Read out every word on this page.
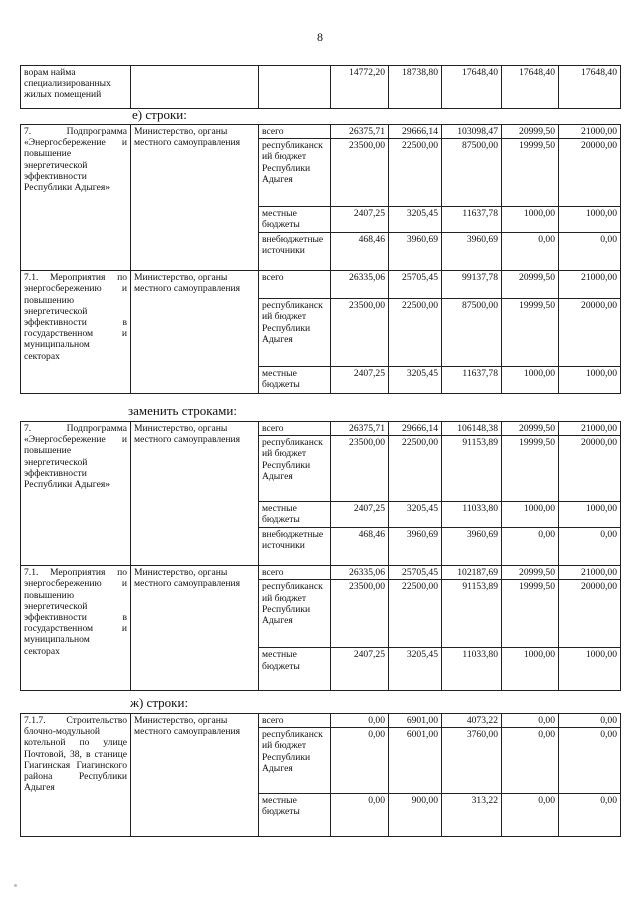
8
ворам найма специализированных жилых помещений			14772,20	18738,80	17648,40	17648,40	17648,40
е) строки:
7. Подпрограмма «Энергосбережение и повышение энергетической эффективности Республики Адыгея»	Министерство, органы местного самоуправления	всего	26375,71	29666,14	103098,47	20999,50	21000,00
		республиканский бюджет Республики Адыгея	23500,00	22500,00	87500,00	19999,50	20000,00
		местные бюджеты	2407,25	3205,45	11637,78	1000,00	1000,00
		внебюджетные источники	468,46	3960,69	3960,69	0,00	0,00
7.1. Мероприятия по энергосбережению и повышению энергетической эффективности в государственном и муниципальном секторах	Министерство, органы местного самоуправления	всего	26335,06	25705,45	99137,78	20999,50	21000,00
		республиканский бюджет Республики Адыгея	23500,00	22500,00	87500,00	19999,50	20000,00
		местные бюджеты	2407,25	3205,45	11637,78	1000,00	1000,00
заменить строками:
7. Подпрограмма «Энергосбережение и повышение энергетической эффективности Республики Адыгея»	Министерство, органы местного самоуправления	всего	26375,71	29666,14	106148,38	20999,50	21000,00
		республиканский бюджет Республики Адыгея	23500,00	22500,00	91153,89	19999,50	20000,00
		местные бюджеты	2407,25	3205,45	11033,80	1000,00	1000,00
		внебюджетные источники	468,46	3960,69	3960,69	0,00	0,00
7.1. Мероприятия по энергосбережению и повышению энергетической эффективности в государственном и муниципальном секторах	Министерство, органы местного самоуправления	всего	26335,06	25705,45	102187,69	20999,50	21000,00
		республиканский бюджет Республики Адыгея	23500,00	22500,00	91153,89	19999,50	20000,00
		местные бюджеты	2407,25	3205,45	11033,80	1000,00	1000,00
ж) строки:
7.1.7. Строительство блочно-модульной котельной по улице Почтовой, 38, в станице Гиагинская Гиагинского района Республики Адыгея	Министерство, органы местного самоуправления	всего	0,00	6901,00	4073,22	0,00	0,00
		республиканский бюджет Республики Адыгея	0,00	6001,00	3760,00	0,00	0,00
		местные бюджеты	0,00	900,00	313,22	0,00	0,00
